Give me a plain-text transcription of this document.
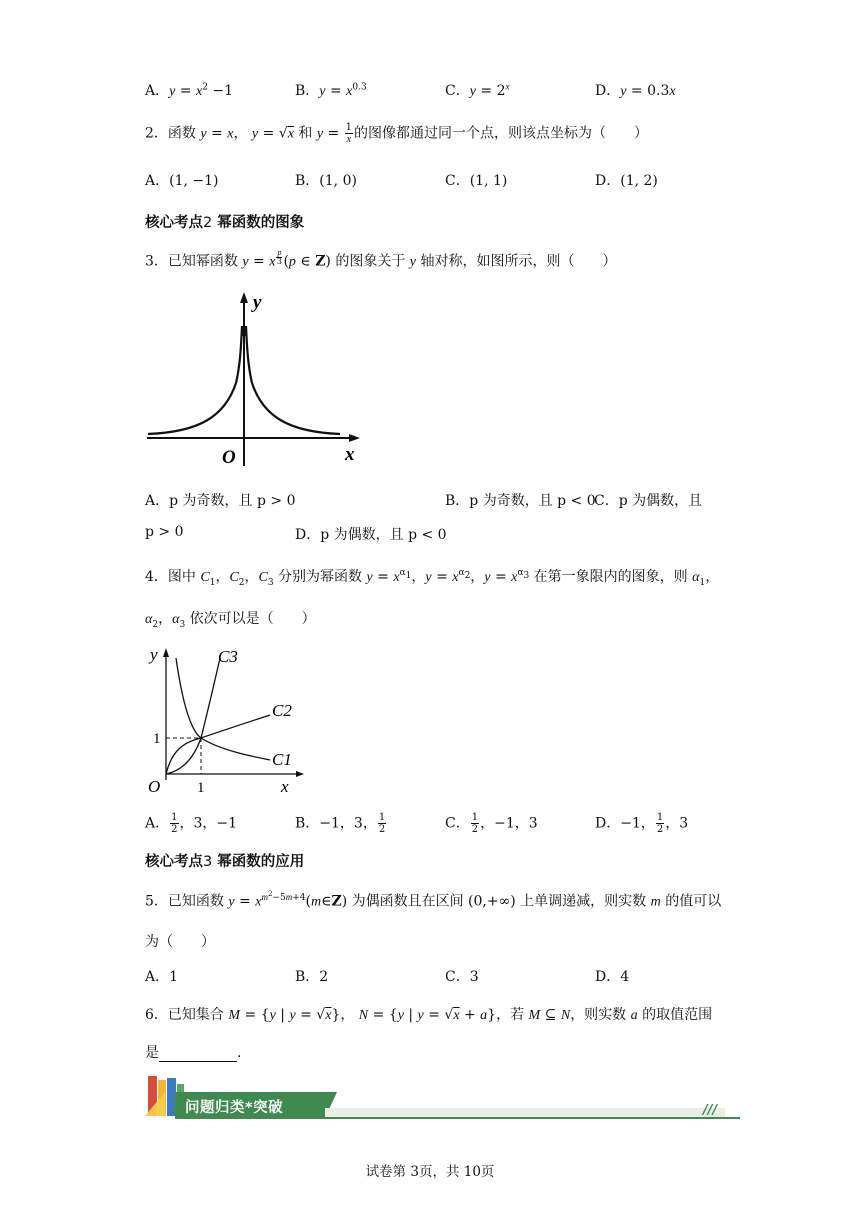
A．$y = x^2 -1$	B．$y = x^{0.3}$	C．$y = 2^x$	D．y = 0.3x
2．函数 y = x， y = √x 和 $y = \frac{1}{x}$ 的图像都通过同一个点，则该点坐标为（　　）
A．(1, −1)	B．(1, 0)	C．(1, 1)	D．(1, 2)
核心考点2 幂函数的图象
3．已知幂函数 y = x $^{\frac{p}{3}}$ (p ∈ Z) 的图象关于 y 轴对称，如图所示，则（　　）
y
x
O
A．p 为奇数，且 p > 0	B．p 为奇数，且 p < 0
C．p 为偶数，且
p > 0	D．p 为偶数，且 p < 0
4．图中 $C_1$，$C_2$，$C_3$ 分别为幂函数 $y = x^{\alpha_1}$，$y = x^{\alpha_2}$，$y = x^{\alpha_3}$ 在第一象限内的图象，则 $\alpha_1$，
$\alpha_2$，$\alpha_3$ 依次可以是（　　）
y
x
O 1
1
C1
C2
C3
A． $\frac{1}{2}$ ，3，−1	B．−1，3， $\frac{1}{2}$	C． $\frac{1}{2}$ ，−1，3	D．−1， $\frac{1}{2}$ ，3
核心考点3 幂函数的应用
5．已知函数 $y = x^{m^2-5m+4}(m\in Z)$ 为偶函数且在区间 (0,+∞) 上单调递减，则实数 m 的值可以
为（　　）
A．1	B．2	C．3	D．4
6．已知集合 M = {y | y = √x}， N = {y | y = √x + a}，若 M ⊆ N，则实数 a 的取值范围
是	.
///
问题归类*突破
试卷第 3页，共 10页
